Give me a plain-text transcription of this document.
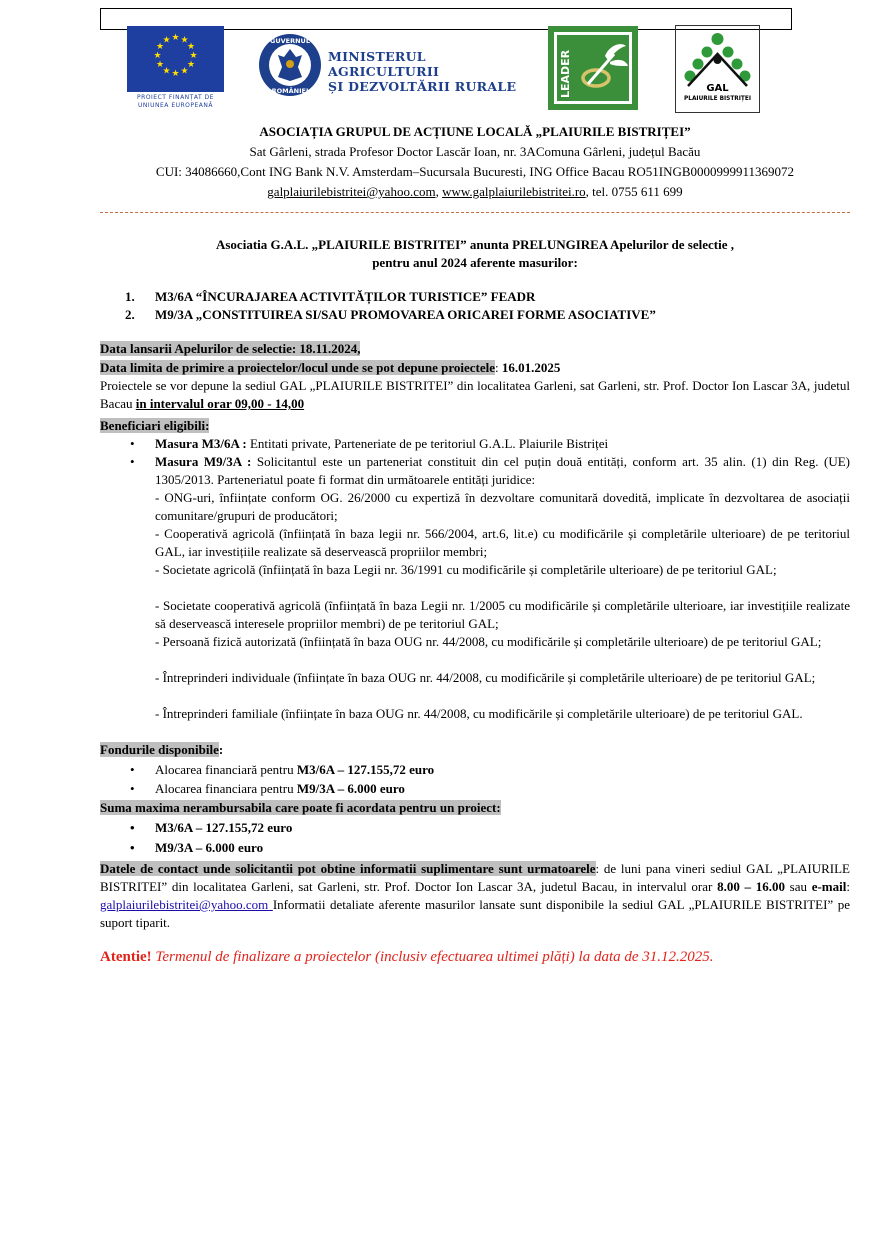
★ ★
★
★
★
★
★
★
★
★
★
★
PROIECT FINANȚAT DE
UNIUNEA EUROPEANĂ
GUVERNUL
ROMÂNIEI
MINISTERUL AGRICULTURII
ȘI DEZVOLTĂRII RURALE	LEADER	GAL
PLAIURILE BISTRIȚEI
ASOCIAȚIA GRUPUL DE ACȚIUNE LOCALĂ „PLAIURILE BISTRIȚEI”
Sat Gârleni, strada Profesor Doctor Lascăr Ioan, nr. 3AComuna Gârleni, județul Bacău
CUI: 34086660,Cont ING Bank N.V. Amsterdam–Sucursala Bucuresti, ING Office Bacau RO51INGB0000999911369072
galplaiurilebistritei@yahoo.com, www.galplaiurilebistritei.ro, tel. 0755 611 699
Asociatia G.A.L. „PLAIURILE BISTRITEI” anunta PRELUNGIREA Apelurilor de selectie ,
pentru anul 2024 aferente masurilor:
1. M3/6A “ÎNCURAJAREA ACTIVITĂȚILOR TURISTICE” FEADR
2. M9/3A „CONSTITUIREA SI/SAU PROMOVAREA ORICAREI FORME ASOCIATIVE”
Data lansarii Apelurilor de selectie: 18.11.2024,
Data limita de primire a proiectelor/locul unde se pot depune proiectele: 16.01.2025
Proiectele se vor depune la sediul GAL „PLAIURILE BISTRITEI” din localitatea Garleni, sat Garleni, str. Prof. Doctor Ion Lascar 3A, judetul Bacau in intervalul orar 09,00 - 14,00
Beneficiari eligibili:
• Masura M3/6A : Entitati private, Parteneriate de pe teritoriul G.A.L. Plaiurile Bistriței
• Masura M9/3A : Solicitantul este un parteneriat constituit din cel puțin două entități, conform art. 35 alin. (1) din Reg. (UE) 1305/2013. Parteneriatul poate fi format din următoarele entități juridice:
- ONG-uri, înființate conform OG. 26/2000 cu expertiză în dezvoltare comunitară dovedită, implicate în dezvoltarea de asociații comunitare/grupuri de producători;
- Cooperativă agricolă (înființată în baza legii nr. 566/2004, art.6, lit.e) cu modificările și completările ulterioare) de pe teritoriul GAL, iar investițiile realizate să deservească propriilor membri;
- Societate agricolă (înființată în baza Legii nr. 36/1991 cu modificările și completările ulterioare) de pe teritoriul GAL;
- Societate cooperativă agricolă (înființată în baza Legii nr. 1/2005 cu modificările și completările ulterioare, iar investițiile realizate să deservească interesele propriilor membri) de pe teritoriul GAL;
- Persoană fizică autorizată (înființată în baza OUG nr. 44/2008, cu modificările și completările ulterioare) de pe teritoriul GAL;
- Întreprinderi individuale (înființate în baza OUG nr. 44/2008, cu modificările și completările ulterioare) de pe teritoriul GAL;
- Întreprinderi familiale (înființate în baza OUG nr. 44/2008, cu modificările și completările ulterioare) de pe teritoriul GAL.
Fondurile disponibile:
• Alocarea financiară pentru M3/6A – 127.155,72 euro
• Alocarea financiara pentru M9/3A – 6.000 euro
Suma maxima nerambursabila care poate fi acordata pentru un proiect:
• M3/6A – 127.155,72 euro
• M9/3A – 6.000 euro
Datele de contact unde solicitantii pot obtine informatii suplimentare sunt urmatoarele: de luni pana vineri sediul GAL „PLAIURILE BISTRITEI” din localitatea Garleni, sat Garleni, str. Prof. Doctor Ion Lascar 3A, judetul Bacau, in intervalul orar 8.00 – 16.00 sau e-mail: galplaiurilebistritei@yahoo.com Informatii detaliate aferente masurilor lansate sunt disponibile la sediul GAL „PLAIURILE BISTRITEI” pe suport tiparit.
Atentie! Termenul de finalizare a proiectelor (inclusiv efectuarea ultimei plăți) la data de 31.12.2025.
